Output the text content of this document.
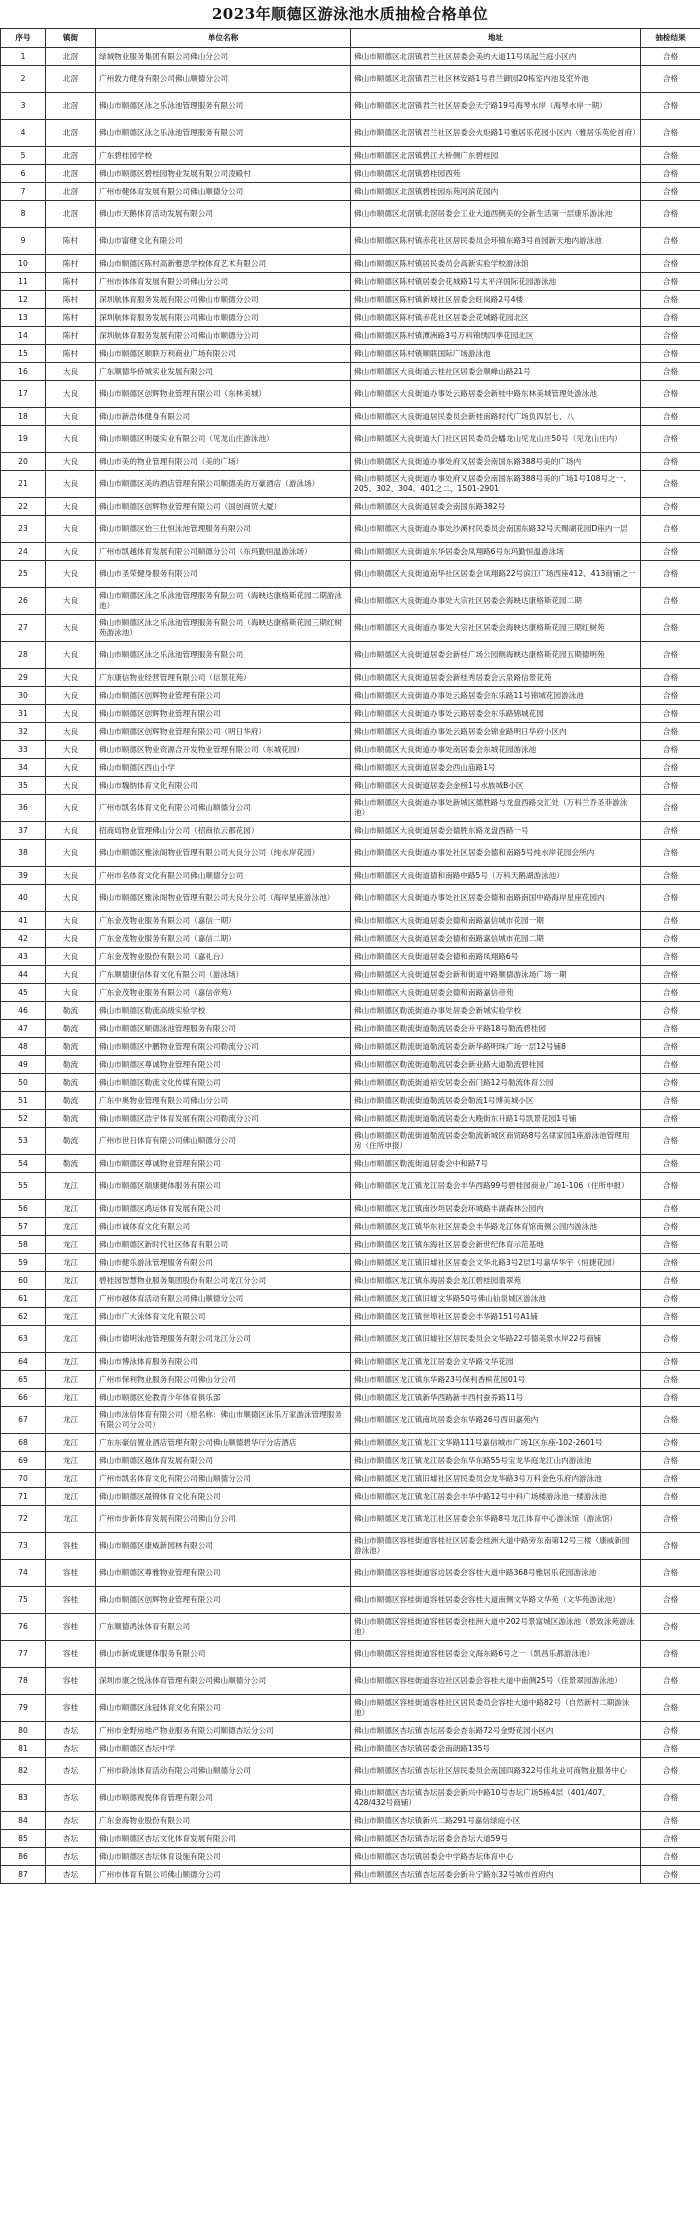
2023年顺德区游泳池水质抽检合格单位
序号	镇街	单位名称	地址	抽检结果
1	北滘	绿城物业服务集团有限公司佛山分公司	佛山市顺德区北滘镇君兰社区居委会美的大道11号凤起兰庭小区内	合格
2	北滘	广州敦力健身有限公司佛山顺德分公司	佛山市顺德区北滘镇君兰社区林安路1号君兰御园20栋室内池及室外池	合格
3	北滘	佛山市顺德区泳之乐泳池管理服务有限公司	佛山市顺德区北滘镇君兰社区居委会天宁路19号海琴水岸（海琴水岸一期）	合格
4	北滘	佛山市顺德区泳之乐泳池管理服务有限公司	佛山市顺德区北滘镇君兰社区居委会火炬路1号雅居乐花园小区内（雅居乐英伦首府）	合格
5	北滘	广东碧桂园学校	佛山市顺德区北滘镇碧江大桥侧广东碧桂园	合格
6	北滘	佛山市顺德区碧桂园物业发展有限公司凌殿村	佛山市顺德区北滘镇碧桂园西苑	合格
7	北滘	广州市健体育发展有限公司佛山顺德分公司	佛山市顺德区北滘镇碧桂园东苑河滨花园内	合格
8	北滘	佛山市天鹅体育活动发展有限公司	佛山市顺德区北滘镇北滘居委会工业大道西侧美的全新生活第一层康乐游泳池	合格
9	陈村	佛山市富健文化有限公司	佛山市顺德区陈村镇赤花社区居民委员会环镇东路3号首园新天地内游泳池	合格
10	陈村	佛山市顺德区陈村高新雅思学校体育艺术有限公司	佛山市顺德区陈村镇居民委员会高新实验学校游泳馆	合格
11	陈村	广州市体体育发展有限公司佛山分公司	佛山市顺德区陈村镇居委会花城路1号太平洋国际花园游泳池	合格
12	陈村	深圳航体育服务发展有限公司佛山市顺德分公司	佛山市顺德区陈村镇新城社区居委会旺岗路2号4楼	合格
13	陈村	深圳航体育服务发展有限公司佛山市顺德分公司	佛山市顺德区陈村镇赤花社区居委会花城路花园北区	合格
14	陈村	深圳航体育服务发展有限公司佛山市顺德分公司	佛山市顺德区陈村镇潭洲路3号万科锦绣四季花园北区	合格
15	陈村	佛山市顺德区顺联万利商业广场有限公司	佛山市顺德区陈村镇顺联国际广场游泳池	合格
16	大良	广东顺德华侨城实业发展有限公司	佛山市顺德区大良街道云桂社区居委会顺峰山路21号	合格
17	大良	佛山市顺德区创辉物业管理有限公司（东林美城）	佛山市顺德区大良街道办事处云路居委会新桂中路东林美城管理处游泳池	合格
18	大良	佛山市新浩体健身有限公司	佛山市顺德区大良街道居民委员会新桂南路时代广场负四层七、八	合格
19	大良	佛山市顺德区明晟实业有限公司（见龙山庄游泳池）	佛山市顺德区大良街道大门社区居民委员会蟠龙山见龙山庄50号（见龙山庄内）	合格
20	大良	佛山市美的物业管理有限公司（美的广场）	佛山市顺德区大良街道办事处府又居委会南国东路388号美的广场内	合格
21	大良	佛山市顺德区美的酒店管理有限公司顺德美的万豪酒店（游泳场）	佛山市顺德区大良街道办事处府又居委会南国东路388号美的广场1号108号之一、205、302、304、401之二、1501-2901	合格
22	大良	佛山市顺德区创辉物业管理有限公司（国创商贸大厦）	佛山市顺德区大良街道居委会南国东路382号	合格
23	大良	佛山市顺德区怡三仕恒泳池管理服务有限公司	佛山市顺德区大良街道办事处沙溪村民委员会南国东路32号天赐湖花园D座内一层	合格
24	大良	广州市凯越体育发展有限公司顺德分公司（东玛勤恒温游泳场）	佛山市顺德区大良街道东华居委会凤翔路6号东玛勤恒温游泳场	合格
25	大良	佛山市圣荣健身服务有限公司	佛山市顺德区大良街道南华社区居委会凤翔路22号滨江广场西座412、413商铺之一	合格
26	大良	佛山市顺德区泳之乐泳池管理服务有限公司（海映达康格斯花园二期游泳池）	佛山市顺德区大良街道办事处大宗社区居委会海映达康格斯花园二期	合格
27	大良	佛山市顺德区泳之乐泳池管理服务有限公司（海映达康格斯花园三期红树苑游泳池）	佛山市顺德区大良街道办事处大宗社区居委会海映达康格斯花园三期红树苑	合格
28	大良	佛山市顺德区泳之乐泳池管理服务有限公司	佛山市顺德区大良街道居委会新桂广场公园侧海映达康格斯花园五期德明苑	合格
29	大良	广东康信物业经营管理有限公司（信景花苑）	佛山市顺德区大良街道居委会新桂秀居委会云泉路信景花苑	合格
30	大良	佛山市顺德区创辉物业管理有限公司	佛山市顺德区大良街道办事处云路居委会东乐路11号锦城花园游泳池	合格
31	大良	佛山市顺德区创辉物业管理有限公司	佛山市顺德区大良街道办事处云路居委会东乐路锦城花园	合格
32	大良	佛山市顺德区创辉物业管理有限公司（明日华府）	佛山市顺德区大良街道办事处云路居委会锦业路明日华府小区内	合格
33	大良	佛山市顺德区物业资源合开发物业管理有限公司（东城花园）	佛山市顺德区大良街道办事处南居委会东城花园游泳池	合格
34	大良	佛山市顺德区西山小学	佛山市顺德区大良街道居委会西山庙路1号	合格
35	大良	佛山市魏纳体育文化有限公司	佛山市顺德区大良街道居委会金榜1号水族城B小区	合格
36	大良	广州市凯名体育文化有限公司佛山顺德分公司	佛山市顺德区大良街道办事处新城区德胜路与龙盘西路交汇处（万科兰乔圣菲游泳池）	合格
37	大良	招商局物业管理佛山分公司（招商依云都花园）	佛山市顺德区大良街道居委会德胜东路龙盘西路一号	合格
38	大良	佛山市顺德区雅泳阁物业管理有限公司大良分公司（纯水岸花园）	佛山市顺德区大良街道办事处社区居委会德和南路5号纯水岸花园会所内	合格
39	大良	广州市名体育文化有限公司佛山顺德分公司	佛山市顺德区大良街道德和南路中路5号（万科天鹅湖游泳池）	合格
40	大良	佛山市顺德区雅泳阁物业管理有限公司大良分公司（海岸星座游泳池）	佛山市顺德区大良街道办事处社区居委会德和南路南国中路海岸星座花园内	合格
41	大良	广东金茂物业服务有限公司（嘉信一期）	佛山市顺德区大良街道居委会德和南路嘉信城市花园一期	合格
42	大良	广东金茂物业服务有限公司（嘉信二期）	佛山市顺德区大良街道居委会德和南路嘉信城市花园二期	合格
43	大良	广东金茂物业股份有限公司（嘉礼台）	佛山市顺德区大良街道居委会德和南路凤翔路6号	合格
44	大良	广东顺德康信体育文化有限公司（游泳场）	佛山市顺德区大良街道居委会新和街道中路顺德游泳场广场一期	合格
45	大良	广东金茂物业服务有限公司（嘉信帝苑）	佛山市顺德区大良街道居委会德和南路嘉信帝苑	合格
46	勒流	佛山市顺德区勒流高级实验学校	佛山市顺德区勒流街道办事处居委会新城实验学校	合格
47	勒流	佛山市顺德区顺德泳池管理服务有限公司	佛山市顺德区勒流街道勒流居委会升平路18号勒流碧桂园	合格
48	勒流	佛山市顺德区中鹏物业管理有限公司勒流分公司	佛山市顺德区勒流街道勒流居委会新华路明珠广场一层12号铺8	合格
49	勒流	佛山市顺德区尊诚物业管理有限公司	佛山市顺德区勒流街道勒流居委会新业路大道勒流碧桂园	合格
50	勒流	佛山市顺德区勒流文化传媒有限公司	佛山市顺德区勒流街道裕安居委会南门路12号勒流体育公园	合格
51	勒流	广东中奥物业管理有限公司佛山分公司	佛山市顺德区勒流街道勒流居委会勒流1号博美城小区	合格
52	勒流	佛山市顺德区浩宇体育发展有限公司勒流分公司	佛山市顺德区勒流街道勒流居委会大晚街东升路1号凯景花园1号铺	合格
53	勒流	广州市世日体育有限公司佛山顺德分公司	佛山市顺德区勒流街道勒流居委会勒流新城区商贸路8号名律家园1座游泳池管理用房（住所申报）	合格
54	勒流	佛山市顺德区尊诚物业管理有限公司	佛山市顺德区勒流街道居委会中和路7号	合格
55	龙江	佛山市顺德区瑞康健体服务有限公司	佛山市顺德区龙江镇龙江居委会丰华西路99号碧桂园商业广场1-106（住所申报）	合格
56	龙江	佛山市顺德区鸿运体育发展有限公司	佛山市顺德区龙江镇南沙坦居委会环城路丰湖森林公园内	合格
57	龙江	佛山市诚体育文化有限公司	佛山市顺德区龙江镇华东社区居委会丰华路龙江体育馆南侧公园内游泳池	合格
58	龙江	佛山市顺德区新时代社区体育有限公司	佛山市顺德区龙江镇东海社区居委会新世纪体育示范基地	合格
59	龙江	佛山市健乐游泳管理服务有限公司	佛山市顺德区龙江镇旧墟社区居委会文华北路3号2层1号嘉华华宇（恒捷花园）	合格
60	龙江	碧桂园智慧物业服务集团股份有限公司龙江分公司	佛山市顺德区龙江镇东海居委会龙江碧桂园翡翠苑	合格
61	龙江	广州市越体育活动有限公司佛山顺德分公司	佛山市顺德区龙江镇旧墟文华路50号佛山仙泉城区游泳池	合格
62	龙江	佛山市广大泳体育文化有限公司	佛山市顺德区龙江镇世埠社区居委会丰华路151号A1铺	合格
63	龙江	佛山市德明泳池管理服务有限公司龙江分公司	佛山市顺德区龙江镇旧墟社区居民委员会文华路22号德美景水岸22号商铺	合格
64	龙江	佛山市博泳体育服务有限公司	佛山市顺德区龙江镇龙江居委会文华路文华花园	合格
65	龙江	广州市保利物业服务有限公司佛山分公司	佛山市顺德区龙江镇东华路23号保利香槟花园01号	合格
66	龙江	佛山市顺德区伦教青少年体育俱乐部	佛山市顺德区龙江镇新华西路新丰西村蚕养路11号	合格
67	龙江	佛山市泳信体育有限公司（原名称：佛山市顺德区泳乐万家游泳管理服务有限公司分公司）	佛山市顺德区龙江镇南坑居委会东华路26号西田嘉苑内	合格
68	龙江	广东东豪信置业酒店管理有限公司佛山顺德碧华厅分店酒店	佛山市顺德区龙江镇龙江文华路111号嘉信城市广场1区东座-102-2601号	合格
69	龙江	佛山市顺德区越体育发展有限公司	佛山市顺德区龙江镇龙江居委会东华东路55号宝龙华庭龙江山内游泳池	合格
70	龙江	广州市凯名体育文化有限公司佛山顺德分公司	佛山市顺德区龙江镇旧墟社区居民委员会龙华路3号万科金色乐府内游泳池	合格
71	龙江	佛山市顺德区晟锦体育文化有限公司	佛山市顺德区龙江镇龙江居委会丰华中路12号中科广场楼游泳池一楼游泳池	合格
72	龙江	广州市步新体育发展有限公司佛山分公司	佛山市顺德区龙江镇龙江社区居委会东华路8号龙江体育中心游泳馆（游泳馆）	合格
73	容桂	佛山市顺德区康威新园林有限公司	佛山市顺德区容桂街道容桂社区居委会桂洲大道中路旁东南第12号三楼（康威新园游泳池）	合格
74	容桂	佛山市顺德区尊雅物业管理有限公司	佛山市顺德区容桂街道容边居委会容桂大道中路368号雅居乐花园游泳池	合格
75	容桂	佛山市顺德区创辉物业管理有限公司	佛山市顺德区容桂街道容桂居委会容桂大道南侧文华路文华苑（文华苑游泳池）	合格
76	容桂	广东顺德鸿泳体育有限公司	佛山市顺德区容桂街道容桂居委会桂洲大道中202号景富城区游泳池（景致泳苑游泳池）	合格
77	容桂	佛山市新成康建体服务有限公司	佛山市顺德区容桂街道容桂居委会文海东路6号之一（凯昌乐都游泳池）	合格
78	容桂	深圳市康之悦泳体育管理有限公司佛山顺德分公司	佛山市顺德区容桂街道容边社区居委会容桂大道中南侧25号（佳景翠园游泳池）	合格
79	容桂	佛山市顺德区泳冠体育文化有限公司	佛山市顺德区容桂街道容桂社区居民委员会容桂大道中路82号（自然新村二期游泳池）	合格
80	杏坛	广州市金野房地产物业服务有限公司顺德杏坛分公司	佛山市顺德区杏坛镇杏坛居委会杏东路72号金野花园小区内	合格
81	杏坛	佛山市顺德区杏坛中学	佛山市顺德区杏坛镇居委会南朗路135号	合格
82	杏坛	广州市龄泳体育活动有限公司佛山顺德分公司	佛山市顺德区杏坛镇杏坛社区居民委员会南国四路322号佳兆业可商物业服务中心	合格
83	杏坛	佛山市顺德视悦体育管理有限公司	佛山市顺德区杏坛镇杏坛居委会新兴中路10号杏坛广场5栋4层（401/407、428/432号商铺）	合格
84	杏坛	广东金海物业股份有限公司	佛山市顺德区杏坛镇新兴二路291号嘉信绿庭小区	合格
85	杏坛	佛山市顺德区杏坛文化体育发展有限公司	佛山市顺德区杏坛镇杏坛居委会杏坛大道59号	合格
86	杏坛	佛山市顺德区杏坛体育设施有限公司	佛山市顺德区杏坛镇居委会中学路杏坛体育中心	合格
87	杏坛	广州市体育有限公司佛山顺德分公司	佛山市顺德区杏坛镇杏坛居委会新升宁路东32号城市首府内	合格
